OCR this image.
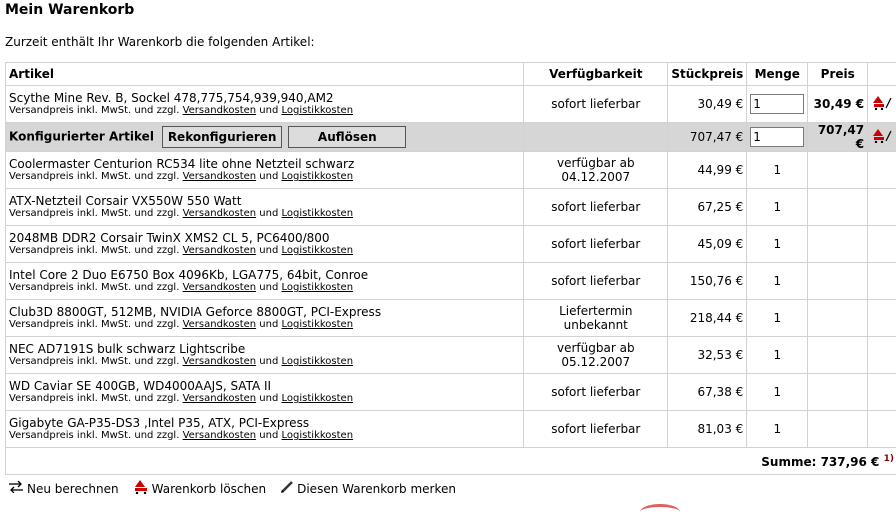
Mein Warenkorb

Zurzeit enthält Ihr Warenkorb die folgenden Artikel:

Artikel	Verfügbarkeit	Stückpreis	Menge	Preis	

Scythe Mine Rev. B, Sockel 478,775,754,939,940,AM2
Versandpreis inkl. MwSt. und zzgl. Versandkosten und Logistikkosten	sofort lieferbar	30,49 €	1	30,49 €	

Konfigurierter Artikel Rekonfigurieren Auflösen		707,47 €	1	707,47 €	

Coolermaster Centurion RC534 lite ohne Netzteil schwarz
Versandpreis inkl. MwSt. und zzgl. Versandkosten und Logistikkosten	verfügbar ab 04.12.2007	44,99 €	1		

ATX-Netzteil Corsair VX550W 550 Watt
Versandpreis inkl. MwSt. und zzgl. Versandkosten und Logistikkosten	sofort lieferbar	67,25 €	1		

2048MB DDR2 Corsair TwinX XMS2 CL 5, PC6400/800
Versandpreis inkl. MwSt. und zzgl. Versandkosten und Logistikkosten	sofort lieferbar	45,09 €	1		

Intel Core 2 Duo E6750 Box 4096Kb, LGA775, 64bit, Conroe
Versandpreis inkl. MwSt. und zzgl. Versandkosten und Logistikkosten	sofort lieferbar	150,76 €	1		

Club3D 8800GT, 512MB, NVIDIA Geforce 8800GT, PCI-Express
Versandpreis inkl. MwSt. und zzgl. Versandkosten und Logistikkosten	Liefertermin unbekannt	218,44 €	1		

NEC AD7191S bulk schwarz Lightscribe
Versandpreis inkl. MwSt. und zzgl. Versandkosten und Logistikkosten	verfügbar ab 05.12.2007	32,53 €	1		

WD Caviar SE 400GB, WD4000AAJS, SATA II
Versandpreis inkl. MwSt. und zzgl. Versandkosten und Logistikkosten	sofort lieferbar	67,38 €	1		

Gigabyte GA-P35-DS3 ,Intel P35, ATX, PCI-Express
Versandpreis inkl. MwSt. und zzgl. Versandkosten und Logistikkosten	sofort lieferbar	81,03 €	1		
Summe: 737,96 € $^{1)}$
Neu berechnen	Warenkorb löschen	Diesen Warenkorb merken
